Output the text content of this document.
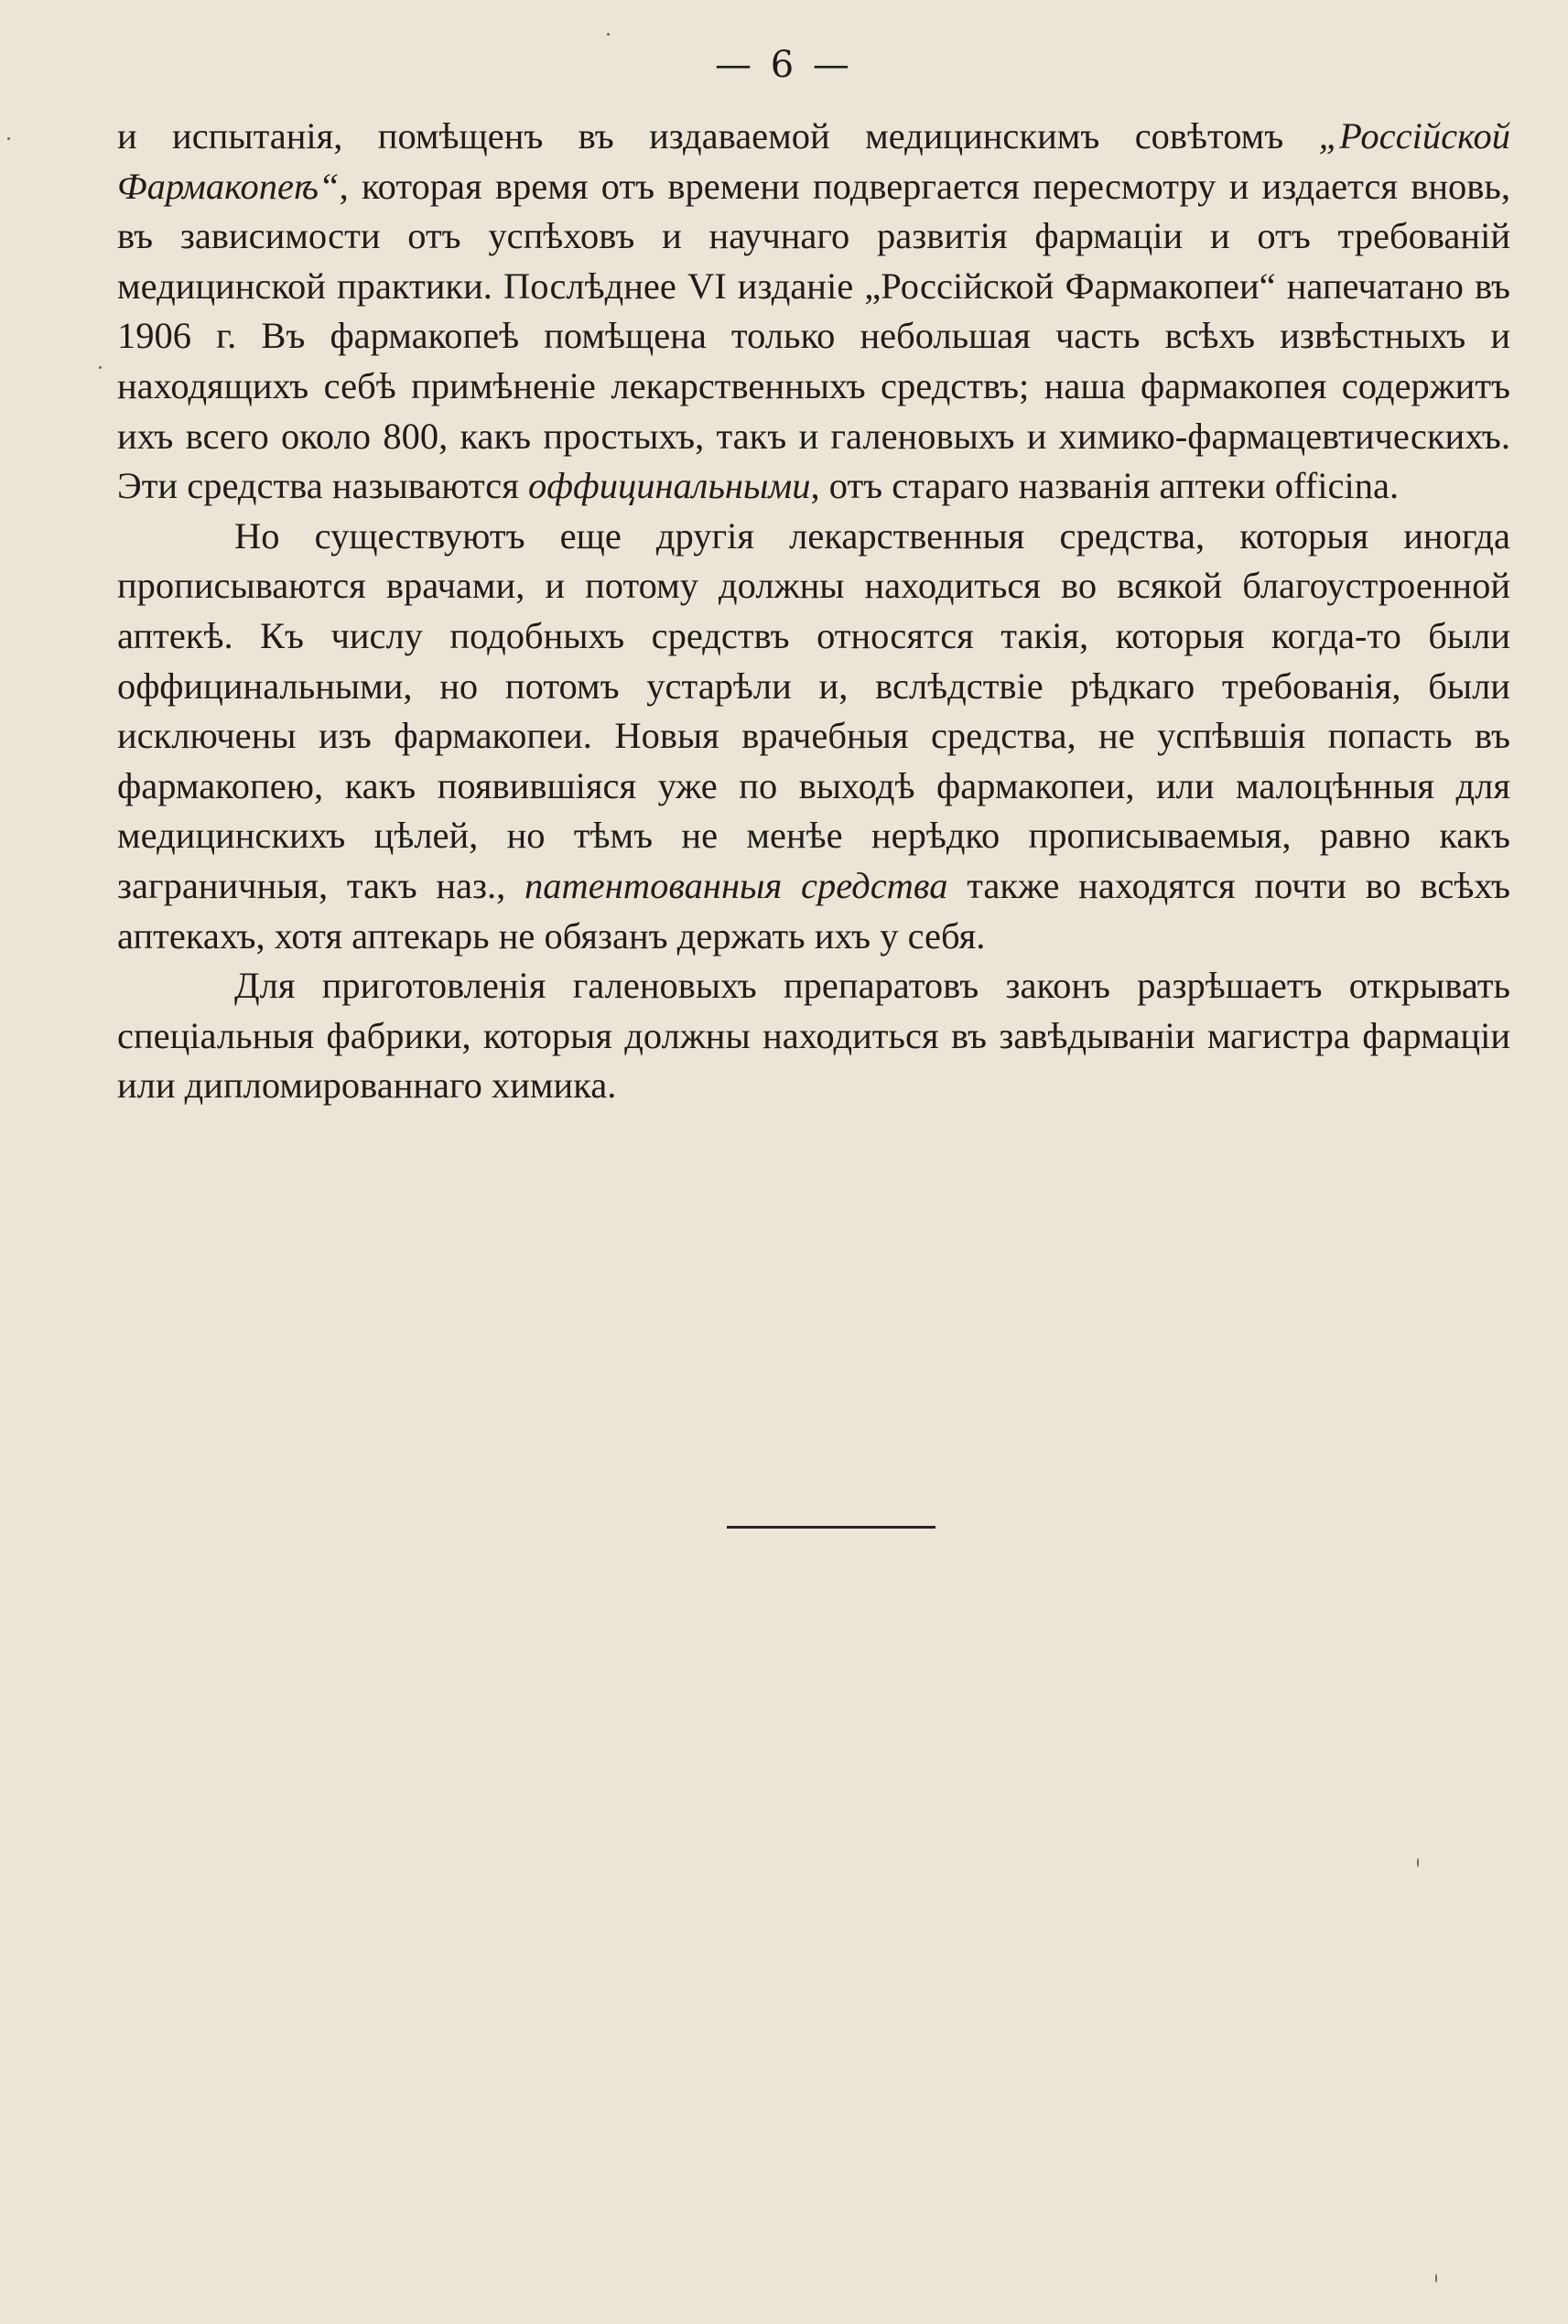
— 6 —

и испытанія, помѣщенъ въ издаваемой медицинскимъ совѣтомъ „Россійской Фармакопеѣ“, которая время отъ времени подвергается пересмотру и издается вновь, въ зависимости отъ успѣховъ и научнаго развитія фармаціи и отъ требованій медицинской практики. Послѣднее VI изданіе „Россійской Фармакопеи“ напечатано въ 1906 г. Въ фармакопеѣ помѣщена только небольшая часть всѣхъ извѣстныхъ и находящихъ себѣ примѣненіе лекарственныхъ средствъ; наша фармакопея содержитъ ихъ всего около 800, какъ простыхъ, такъ и галеновыхъ и химико-фармацевтическихъ. Эти средства называются оффицинальными, отъ стараго названія аптеки officina.

Но существуютъ еще другія лекарственныя средства, которыя иногда прописываются врачами, и потому должны находиться во всякой благоустроенной аптекѣ. Къ числу подобныхъ средствъ относятся такія, которыя когда-то были оффицинальными, но потомъ устарѣли и, вслѣдствіе рѣдкаго требованія, были исключены изъ фармакопеи. Новыя врачебныя средства, не успѣвшія попасть въ фармакопею, какъ появившіяся уже по выходѣ фармакопеи, или малоцѣнныя для медицинскихъ цѣлей, но тѣмъ не менѣе нерѣдко прописываемыя, равно какъ заграничныя, такъ наз., патентованныя средства также находятся почти во всѣхъ аптекахъ, хотя аптекарь не обязанъ держать ихъ у себя.

Для приготовленія галеновыхъ препаратовъ законъ разрѣшаетъ открывать спеціальныя фабрики, которыя должны находиться въ завѣдываніи магистра фармаціи или дипломированнаго химика.
